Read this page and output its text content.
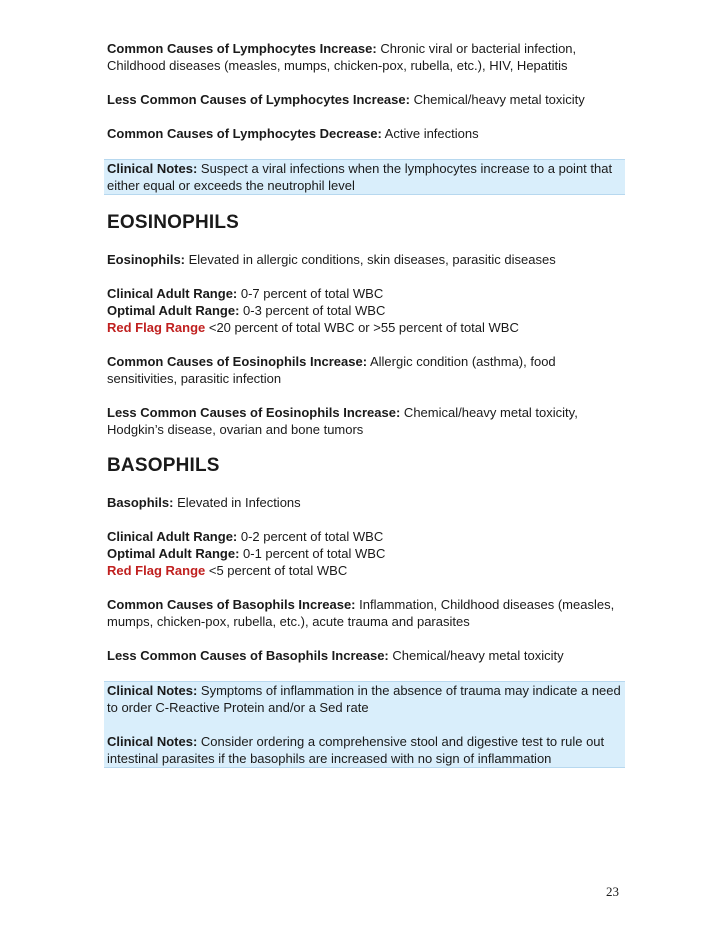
Common Causes of Lymphocytes Increase: Chronic viral or bacterial infection, Childhood diseases (measles, mumps, chicken-pox, rubella, etc.), HIV, Hepatitis

Less Common Causes of Lymphocytes Increase: Chemical/heavy metal toxicity

Common Causes of Lymphocytes Decrease: Active infections

Clinical Notes: Suspect a viral infections when the lymphocytes increase to a point that either equal or exceeds the neutrophil level

EOSINOPHILS

Eosinophils: Elevated in allergic conditions, skin diseases, parasitic diseases

Clinical Adult Range: 0-7 percent of total WBC
Optimal Adult Range: 0-3 percent of total WBC
Red Flag Range <20 percent of total WBC or >55 percent of total WBC

Common Causes of Eosinophils Increase: Allergic condition (asthma), food sensitivities, parasitic infection

Less Common Causes of Eosinophils Increase: Chemical/heavy metal toxicity, Hodgkin’s disease, ovarian and bone tumors

BASOPHILS

Basophils: Elevated in Infections

Clinical Adult Range: 0-2 percent of total WBC
Optimal Adult Range: 0-1 percent of total WBC
Red Flag Range <5 percent of total WBC

Common Causes of Basophils Increase: Inflammation, Childhood diseases (measles, mumps, chicken-pox, rubella, etc.), acute trauma and parasites

Less Common Causes of Basophils Increase: Chemical/heavy metal toxicity

Clinical Notes: Symptoms of inflammation in the absence of trauma may indicate a need to order C-Reactive Protein and/or a Sed rate

Clinical Notes: Consider ordering a comprehensive stool and digestive test to rule out intestinal parasites if the basophils are increased with no sign of inflammation

23
